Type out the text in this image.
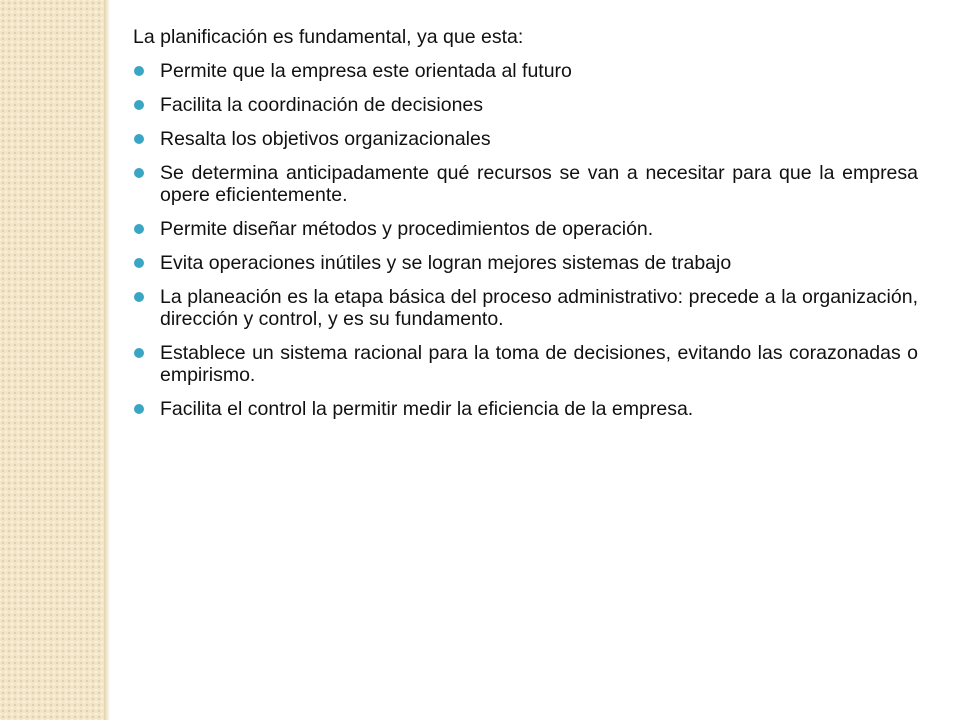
La planificación es fundamental, ya que esta:

Permite que la empresa este orientada al futuro
Facilita la coordinación de decisiones
Resalta los objetivos organizacionales
Se determina anticipadamente qué recursos se van a necesitar para que la empresa opere eficientemente.
Permite diseñar métodos y procedimientos de operación.
Evita operaciones inútiles y se logran mejores sistemas de trabajo
La planeación es la etapa básica del proceso administrativo: precede a la organización, dirección y control, y es su fundamento.
Establece un sistema racional para la toma de decisiones, evitando las corazonadas o empirismo.
Facilita el control la permitir medir la eficiencia de la empresa.
